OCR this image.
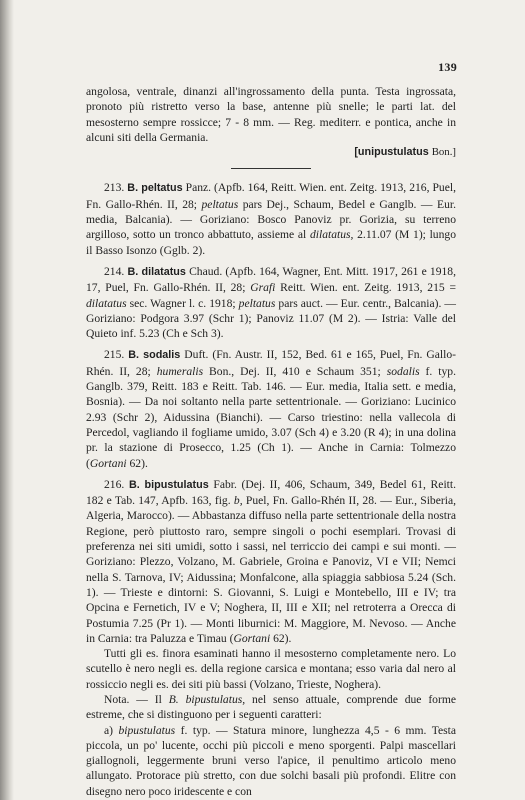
139

angolosa, ventrale, dinanzi all'ingrossamento della punta. Testa ingrossata, pronoto più ristretto verso la base, antenne più snelle; le parti lat. del mesosterno sempre rossicce; 7 - 8 mm. — Reg. mediterr. e pontica, anche in alcuni siti della Germania.

[unipustulatus Bon.]

213. B. peltatus Panz. (Apfb. 164, Reitt. Wien. ent. Zeitg. 1913, 216, Puel, Fn. Gallo-Rhén. II, 28; peltatus pars Dej., Schaum, Bedel e Ganglb. — Eur. media, Balcania). — Goriziano: Bosco Panoviz pr. Gorizia, su terreno argilloso, sotto un tronco abbattuto, assieme al dilatatus, 2.11.07 (M 1); lungo il Basso Isonzo (Gglb. 2).

214. B. dilatatus Chaud. (Apfb. 164, Wagner, Ent. Mitt. 1917, 261 e 1918, 17, Puel, Fn. Gallo-Rhén. II, 28; Grafi Reitt. Wien. ent. Zeitg. 1913, 215 = dilatatus sec. Wagner l. c. 1918; peltatus pars auct. — Eur. centr., Balcania). — Goriziano: Podgora 3.97 (Schr 1); Panoviz 11.07 (M 2). — Istria: Valle del Quieto inf. 5.23 (Ch e Sch 3).

215. B. sodalis Duft. (Fn. Austr. II, 152, Bed. 61 e 165, Puel, Fn. Gallo-Rhén. II, 28; humeralis Bon., Dej. II, 410 e Schaum 351; sodalis f. typ. Ganglb. 379, Reitt. 183 e Reitt. Tab. 146. — Eur. media, Italia sett. e media, Bosnia). — Da noi soltanto nella parte settentrionale. — Goriziano: Lucinico 2.93 (Schr 2), Aidussina (Bianchi). — Carso triestino: nella vallecola di Percedol, vagliando il fogliame umido, 3.07 (Sch 4) e 3.20 (R 4); in una dolina pr. la stazione di Prosecco, 1.25 (Ch 1). — Anche in Carnia: Tolmezzo (Gortani 62).

216. B. bipustulatus Fabr. (Dej. II, 406, Schaum, 349, Bedel 61, Reitt. 182 e Tab. 147, Apfb. 163, fig. b, Puel, Fn. Gallo-Rhén II, 28. — Eur., Siberia, Algeria, Marocco). — Abbastanza diffuso nella parte settentrionale della nostra Regione, però piuttosto raro, sempre singoli o pochi esemplari. Trovasi di preferenza nei siti umidi, sotto i sassi, nel terriccio dei campi e sui monti. — Goriziano: Plezzo, Volzano, M. Gabriele, Groina e Panoviz, VI e VII; Nemci nella S. Tarnova, IV; Aidussina; Monfalcone, alla spiaggia sabbiosa 5.24 (Sch. 1). — Trieste e dintorni: S. Giovanni, S. Luigi e Montebello, III e IV; tra Opcina e Fernetich, IV e V; Noghera, II, III e XII; nel retroterra a Orecca di Postumia 7.25 (Pr 1). — Monti liburnici: M. Maggiore, M. Nevoso. — Anche in Carnia: tra Paluzza e Timau (Gortani 62).

Tutti gli es. finora esaminati hanno il mesosterno completamente nero. Lo scutello è nero negli es. della regione carsica e montana; esso varia dal nero al rossiccio negli es. dei siti più bassi (Volzano, Trieste, Noghera).

Nota. — Il B. bipustulatus, nel senso attuale, comprende due forme estreme, che si distinguono per i seguenti caratteri:

a) bipustulatus f. typ. — Statura minore, lunghezza 4,5 - 6 mm. Testa piccola, un po' lucente, occhi più piccoli e meno sporgenti. Palpi mascellari giallognoli, leggermente bruni verso l'apice, il penultimo articolo meno allungato. Protorace più stretto, con due solchi basali più profondi. Elitre con disegno nero poco iridescente e con
